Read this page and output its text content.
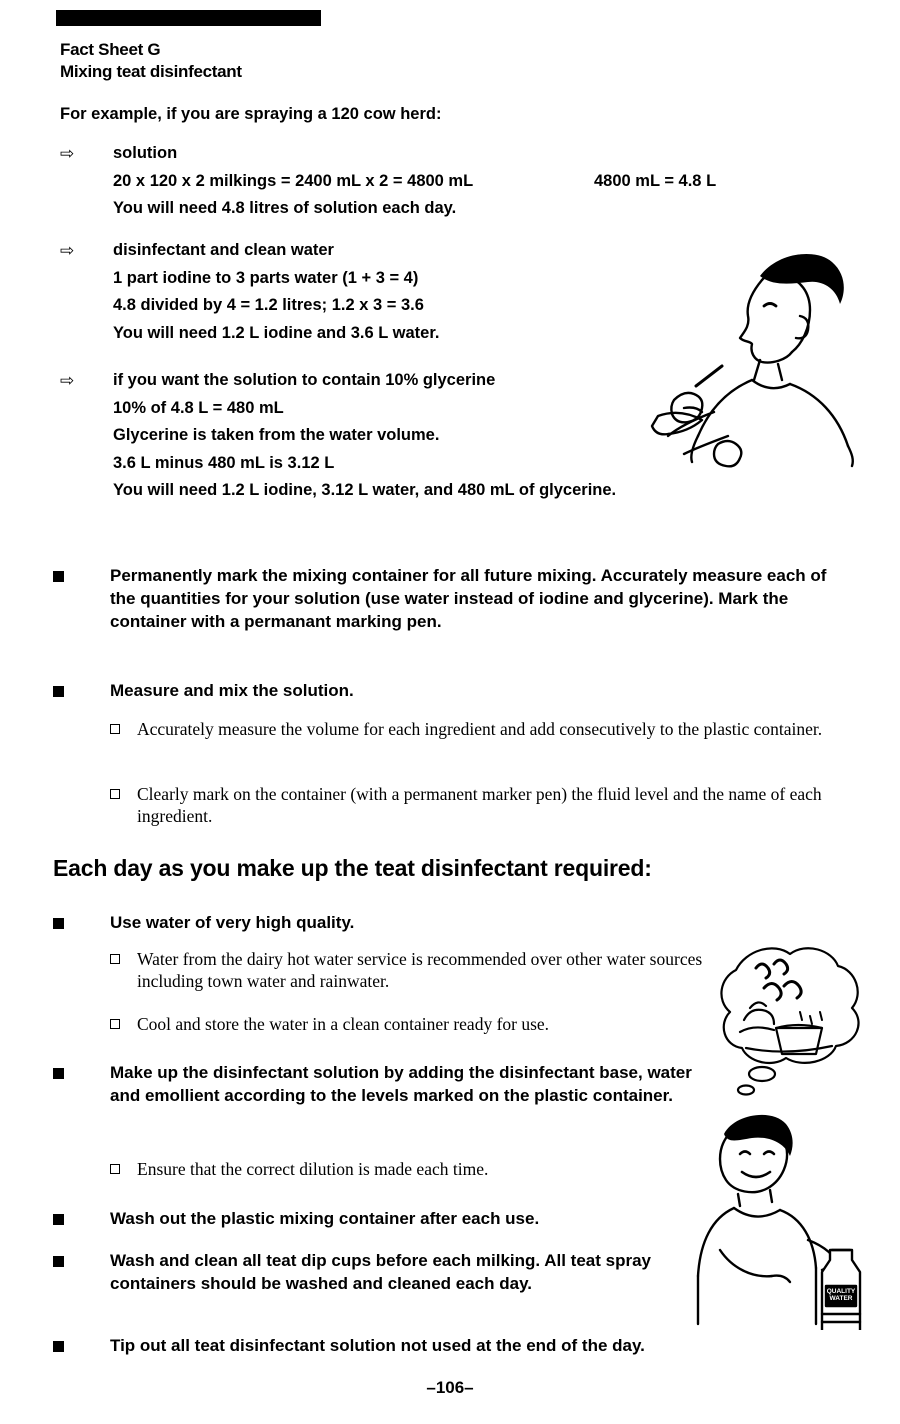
Fact Sheet G
Mixing teat disinfectant
For example, if you are spraying a 120 cow herd:
⇨ solution
20 x 120 x 2 milkings = 2400 mL x 2 = 4800 mL
You will need 4.8 litres of solution each day.
4800 mL = 4.8 L
⇨ disinfectant and clean water
1 part iodine to 3 parts water (1 + 3 = 4)
4.8 divided by 4 = 1.2 litres; 1.2 x 3 = 3.6
You will need 1.2 L iodine and 3.6 L water.
⇨ if you want the solution to contain 10% glycerine
10% of 4.8 L = 480 mL
Glycerine is taken from the water volume.
3.6 L minus 480 mL is 3.12 L
You will need 1.2 L iodine, 3.12 L water, and 480 mL of glycerine.
Permanently mark the mixing container for all future mixing. Accurately measure each of the quantities for your solution (use water instead of iodine and glycerine). Mark the container with a permanant marking pen.
Measure and mix the solution.
Accurately measure the volume for each ingredient and add consecutively to the plastic container.
Clearly mark on the container (with a permanent marker pen) the fluid level and the name of each ingredient.
Each day as you make up the teat disinfectant required:
Use water of very high quality.
Water from the dairy hot water service is recommended over other water sources including town water and rainwater.
Cool and store the water in a clean container ready for use.
Make up the disinfectant solution by adding the disinfectant base, water and emollient according to the levels marked on the plastic container.
Ensure that the correct dilution is made each time.
Wash out the plastic mixing container after each use.
Wash and clean all teat dip cups before each milking. All teat spray containers should be washed and cleaned each day.
Tip out all teat disinfectant solution not used at the end of the day.
QUALITY WATER
–106–
